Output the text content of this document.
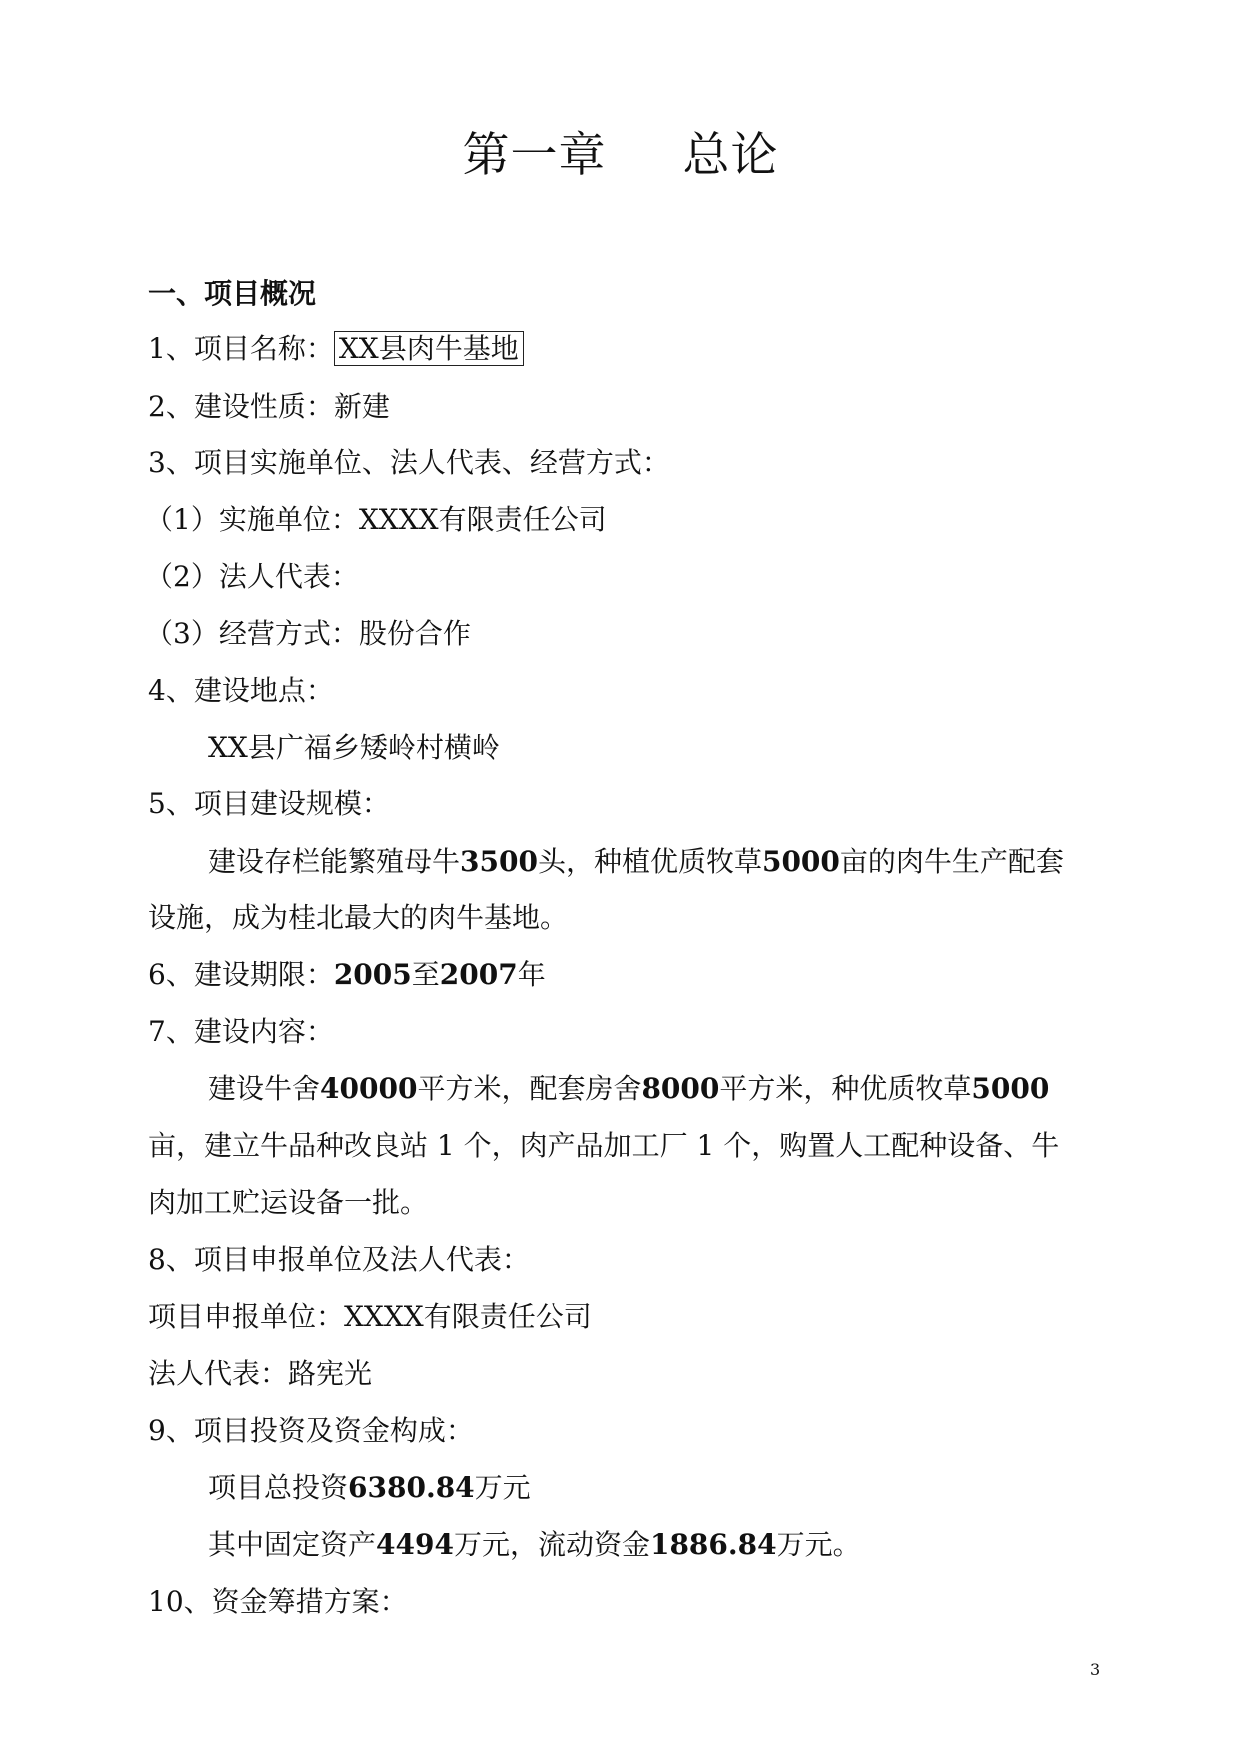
第一章 总论
一、项目概况
1、项目名称： XX县肉牛基地
2、建设性质：新建
3、项目实施单位、法人代表、经营方式：
（1）实施单位：XXXX有限责任公司
（2）法人代表：
（3）经营方式：股份合作
4、建设地点：
XX县广福乡矮岭村横岭
5、项目建设规模：
建设存栏能繁殖母牛3500头，种植优质牧草5000亩的肉牛生产配套
设施，成为桂北最大的肉牛基地。
6、建设期限：2005至2007年
7、建设内容：
建设牛舍40000平方米，配套房舍8000平方米，种优质牧草5000
亩，建立牛品种改良站 1 个，肉产品加工厂 1 个，购置人工配种设备、牛
肉加工贮运设备一批。
8、项目申报单位及法人代表：
项目申报单位：XXXX有限责任公司
法人代表：路宪光
9、项目投资及资金构成：
项目总投资6380.84万元
其中固定资产4494万元，流动资金1886.84万元。
10、资金筹措方案：
3
